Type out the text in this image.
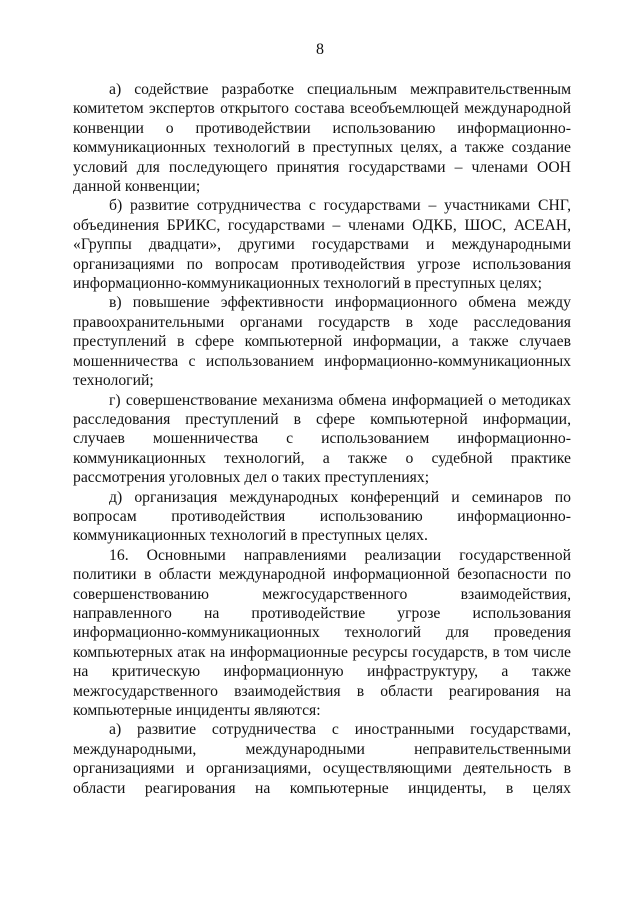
8

а) содействие разработке специальным межправительственным комитетом экспертов открытого состава всеобъемлющей международной конвенции о противодействии использованию информационно-коммуникационных технологий в преступных целях, а также создание условий для последующего принятия государствами – членами ООН данной конвенции;

б) развитие сотрудничества с государствами – участниками СНГ, объединения БРИКС, государствами – членами ОДКБ, ШОС, АСЕАН, «Группы двадцати», другими государствами и международными организациями по вопросам противодействия угрозе использования информационно-коммуникационных технологий в преступных целях;

в) повышение эффективности информационного обмена между правоохранительными органами государств в ходе расследования преступлений в сфере компьютерной информации, а также случаев мошенничества с использованием информационно-коммуникационных технологий;

г) совершенствование механизма обмена информацией о методиках расследования преступлений в сфере компьютерной информации, случаев мошенничества с использованием информационно-коммуникационных технологий, а также о судебной практике рассмотрения уголовных дел о таких преступлениях;

д) организация международных конференций и семинаров по вопросам противодействия использованию информационно-коммуникационных технологий в преступных целях.

16. Основными направлениями реализации государственной политики в области международной информационной безопасности по совершенствованию межгосударственного взаимодействия, направленного на противодействие угрозе использования информационно-коммуникационных технологий для проведения компьютерных атак на информационные ресурсы государств, в том числе на критическую информационную инфраструктуру, а также межгосударственного взаимодействия в области реагирования на компьютерные инциденты являются:

а) развитие сотрудничества с иностранными государствами, международными, международными неправительственными организациями и организациями, осуществляющими деятельность в области реагирования на компьютерные инциденты, в целях
